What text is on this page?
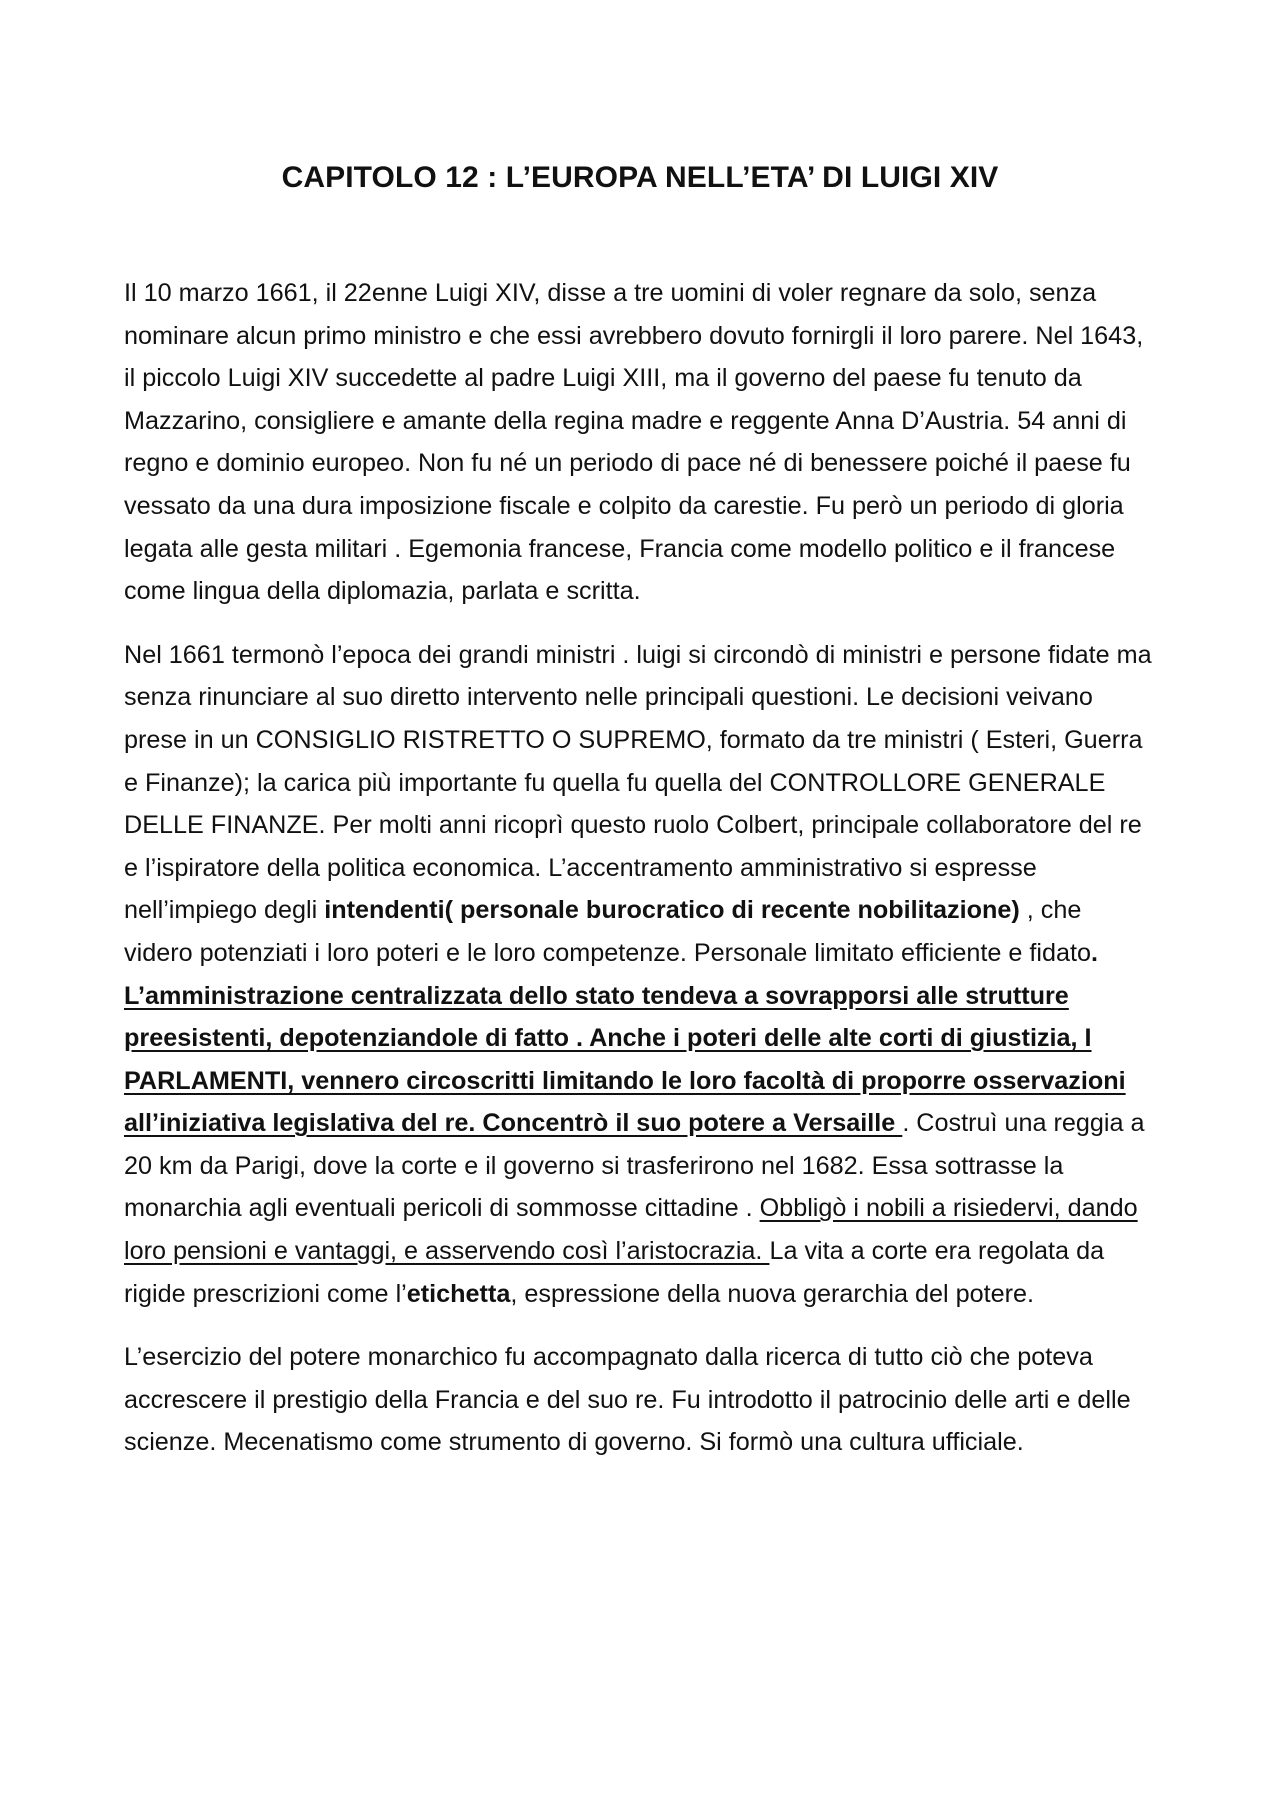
CAPITOLO 12 : L’EUROPA NELL’ETA’ DI LUIGI XIV

Il 10 marzo 1661, il 22enne Luigi XIV, disse a tre uomini di voler regnare da solo, senza nominare alcun primo ministro e che essi avrebbero dovuto fornirgli il loro parere. Nel 1643, il piccolo Luigi XIV succedette al padre Luigi XIII, ma il governo del paese fu tenuto da Mazzarino, consigliere e amante della regina madre e reggente Anna D’Austria. 54 anni di regno e dominio europeo. Non fu né un periodo di pace né di benessere poiché il paese fu vessato da una dura imposizione fiscale e colpito da carestie. Fu però un periodo di gloria legata alle gesta militari . Egemonia francese, Francia come modello politico e il francese come lingua della diplomazia, parlata e scritta.

Nel 1661 termonò l’epoca dei grandi ministri . luigi si circondò di ministri e persone fidate ma senza rinunciare al suo diretto intervento nelle principali questioni. Le decisioni veivano prese in un CONSIGLIO RISTRETTO O SUPREMO, formato da tre ministri ( Esteri, Guerra e Finanze); la carica più importante fu quella fu quella del CONTROLLORE GENERALE DELLE FINANZE. Per molti anni ricoprì questo ruolo Colbert, principale collaboratore del re e l’ispiratore della politica economica. L’accentramento amministrativo si espresse nell’impiego degli intendenti( personale burocratico di recente nobilitazione) , che videro potenziati i loro poteri e le loro competenze. Personale limitato efficiente e fidato. L’amministrazione centralizzata dello stato tendeva a sovrapporsi alle strutture preesistenti, depotenziandole di fatto . Anche i poteri delle alte corti di giustizia, I PARLAMENTI, vennero circoscritti limitando le loro facoltà di proporre osservazioni all’iniziativa legislativa del re. Concentrò il suo potere a Versaille . Costruì una reggia a 20 km da Parigi, dove la corte e il governo si trasferirono nel 1682. Essa sottrasse la monarchia agli eventuali pericoli di sommosse cittadine . Obbligò i nobili a risiedervi, dando loro pensioni e vantaggi, e asservendo così l’aristocrazia. La vita a corte era regolata da rigide prescrizioni come l’etichetta, espressione della nuova gerarchia del potere.

L’esercizio del potere monarchico fu accompagnato dalla ricerca di tutto ciò che poteva accrescere il prestigio della Francia e del suo re. Fu introdotto il patrocinio delle arti e delle scienze. Mecenatismo come strumento di governo. Si formò una cultura ufficiale.
